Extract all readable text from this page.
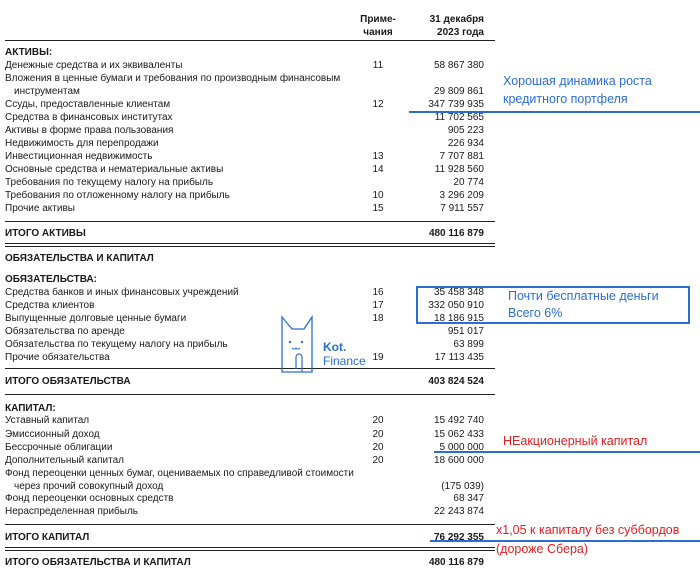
Приме-
чания
31 декабря
2023 года
АКТИВЫ:
Денежные средства и их эквиваленты	11	58 867 380
Вложения в ценные бумаги и требования по производным финансовым
инструментам	29 809 861
Ссуды, предоставленные клиентам	12	347 739 935
Средства в финансовых институтах	11 702 565
Активы в форме права пользования	905 223
Недвижимость для перепродажи	226 934
Инвестиционная недвижимость	13	7 707 881
Основные средства и нематериальные активы	14	11 928 560
Требования по текущему налогу на прибыль	20 774
Требования по отложенному налогу на прибыль	10	3 296 209
Прочие активы	15	7 911 557
ИТОГО АКТИВЫ	480 116 879
ОБЯЗАТЕЛЬСТВА И КАПИТАЛ
ОБЯЗАТЕЛЬСТВА:
Средства банков и иных финансовых учреждений	16	35 458 348
Средства клиентов	17	332 050 910
Выпущенные долговые ценные бумаги	18	18 186 915
Обязательства по аренде	951 017
Обязательства по текущему налогу на прибыль	63 899
Прочие обязательства	19	17 113 435
ИТОГО ОБЯЗАТЕЛЬСТВА	403 824 524
КАПИТАЛ:
Уставный капитал	20	15 492 740
Эмиссионный доход	20	15 062 433
Бессрочные облигации	20	5 000 000
Дополнительный капитал	20	18 600 000
Фонд переоценки ценных бумаг, оцениваемых по справедливой стоимости
через прочий совокупный доход	(175 039)
Фонд переоценки основных средств	68 347
Нераспределенная прибыль	22 243 874
ИТОГО КАПИТАЛ	76 292 355
ИТОГО ОБЯЗАТЕЛЬСТВА И КАПИТАЛ	480 116 879
Хорошая динамика роста
кредитного портфеля
Почти бесплатные деньги
Всего 6%
НЕакционерный капитал
х1,05 к капиталу без суббордов
(дороже Сбера)
Kot.
Finance
